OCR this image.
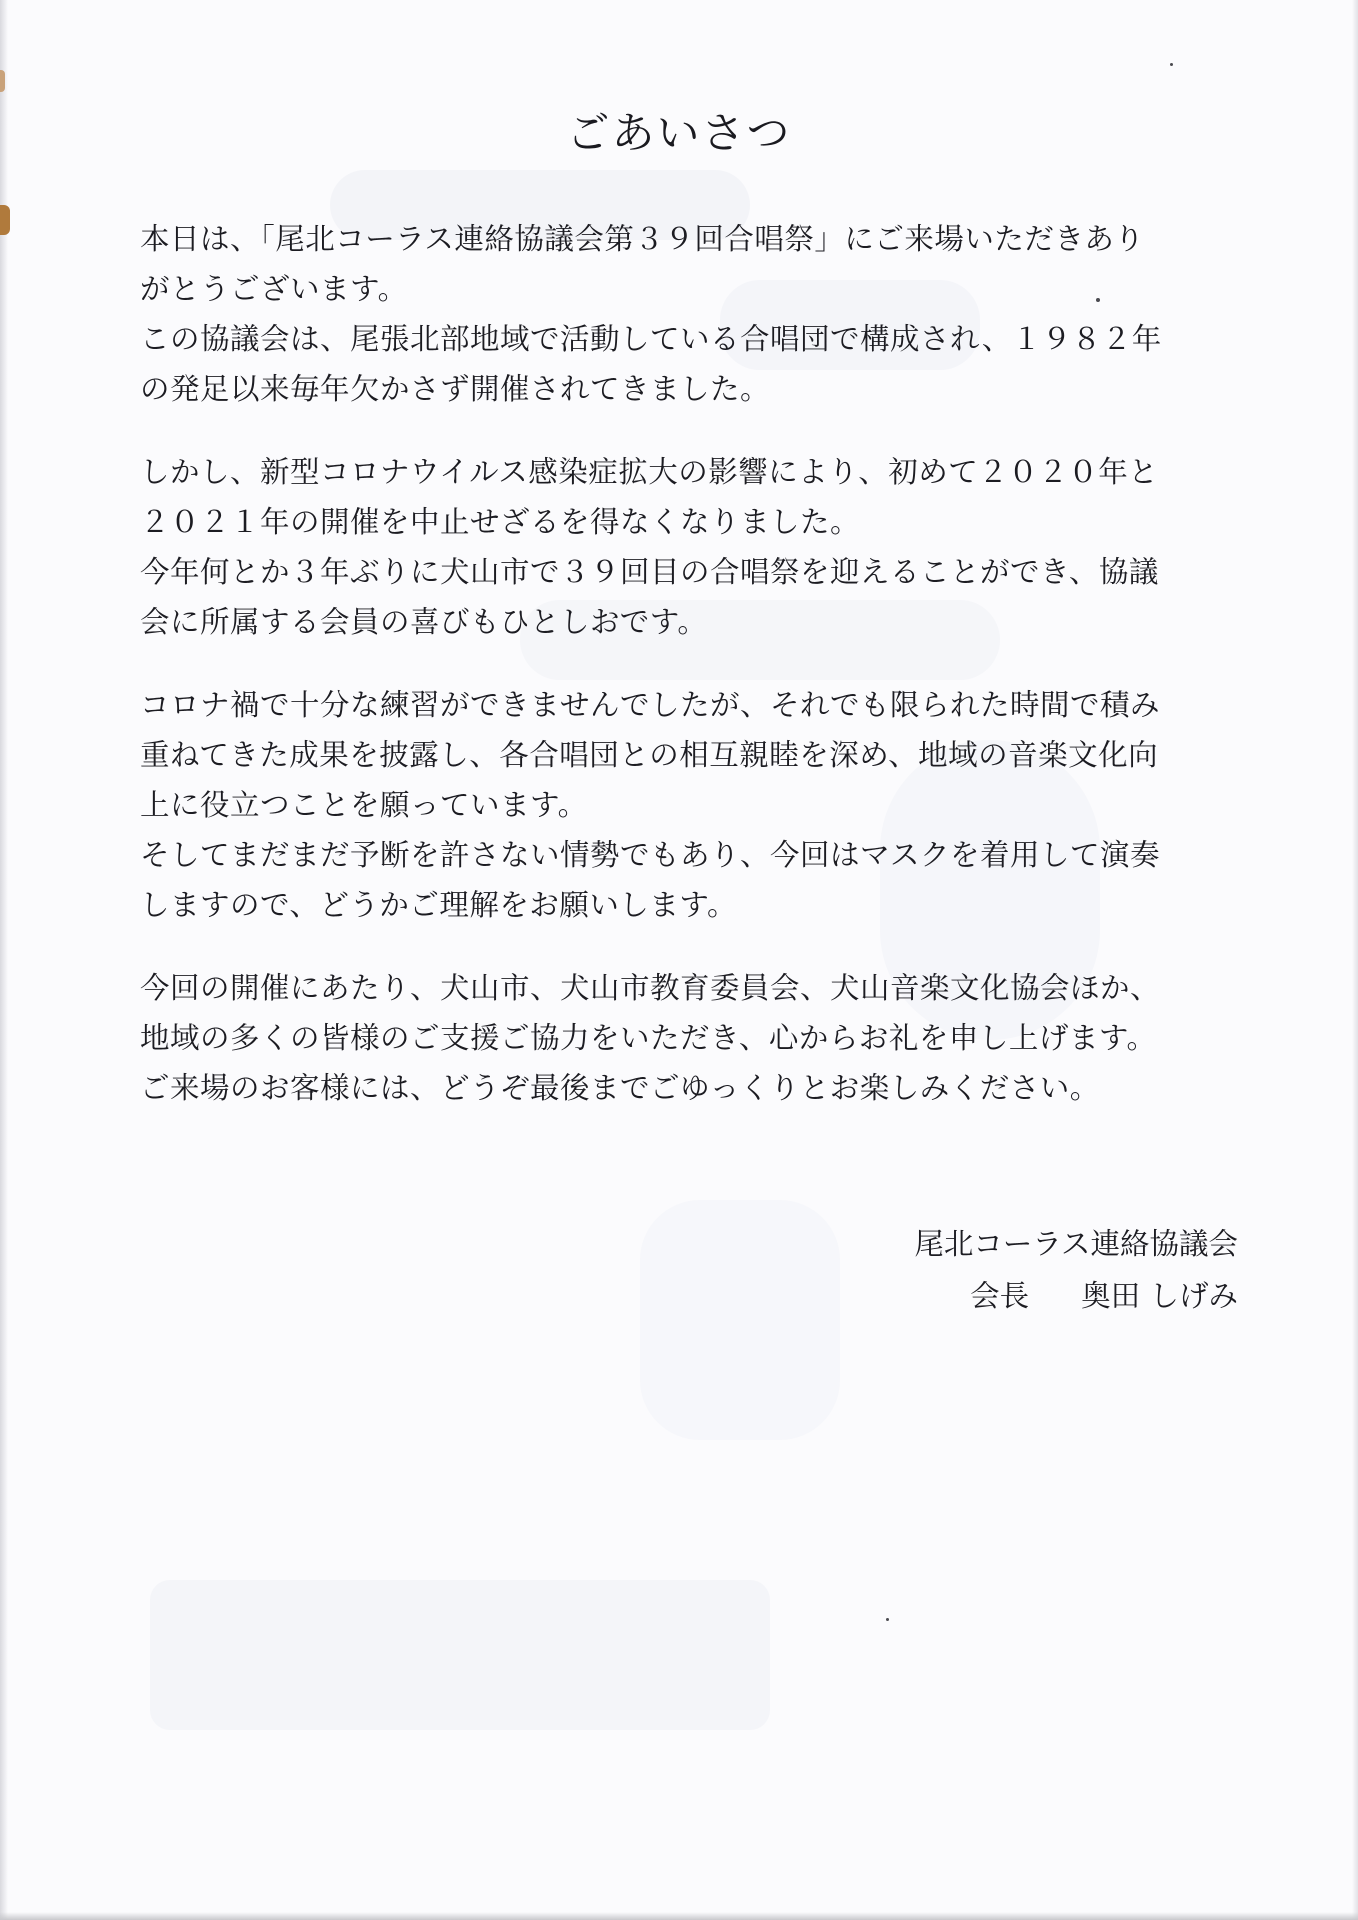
ごあいさつ
本日は、「尾北コーラス連絡協議会第３９回合唱祭」にご来場いただきあり
がとうございます。
この協議会は、尾張北部地域で活動している合唱団で構成され、１９８２年
の発足以来毎年欠かさず開催されてきました。
しかし、新型コロナウイルス感染症拡大の影響により、初めて２０２０年と
２０２１年の開催を中止せざるを得なくなりました。
今年何とか３年ぶりに犬山市で３９回目の合唱祭を迎えることができ、協議
会に所属する会員の喜びもひとしおです。
コロナ禍で十分な練習ができませんでしたが、それでも限られた時間で積み
重ねてきた成果を披露し、各合唱団との相互親睦を深め、地域の音楽文化向
上に役立つことを願っています。
そしてまだまだ予断を許さない情勢でもあり、今回はマスクを着用して演奏
しますので、どうかご理解をお願いします。
今回の開催にあたり、犬山市、犬山市教育委員会、犬山音楽文化協会ほか、
地域の多くの皆様のご支援ご協力をいただき、心からお礼を申し上げます。
ご来場のお客様には、どうぞ最後までごゆっくりとお楽しみください。
尾北コーラス連絡協議会
会長 奥田 しげみ
